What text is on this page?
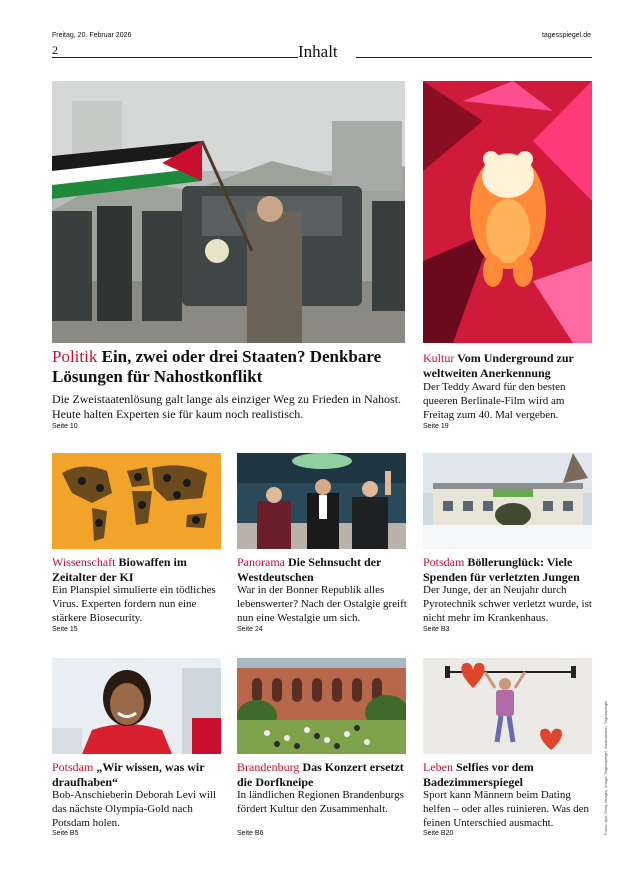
Freitag, 20. Februar 2026	tagesspiegel.de
2	Inhalt
Politik Ein, zwei oder drei Staaten? Denkbare Lösungen für Nahostkonflikt
Die Zweistaatenlösung galt lange als einziger Weg zu Frieden in Nahost. Heute halten Experten sie für kaum noch realistisch.
Seite 10
Kultur Vom Underground zur weltweiten Anerkennung
Der Teddy Award für den besten queeren Berlinale-Film wird am Freitag zum 40. Mal vergeben.
Seite 19
Wissenschaft Biowaffen im Zeitalter der KI
Ein Planspiel simulierte ein tödliches Virus. Experten fordern nun eine stärkere Biosecurity.
Seite 15
Panorama Die Sehnsucht der Westdeutschen
War in der Bonner Republik alles lebenswerter? Nach der Ostalgie greift nun eine Westalgie um sich.
Seite 24
Potsdam Böllerunglück: Viele Spenden für verletzten Jungen
Der Junge, der an Neujahr durch Pyrotechnik schwer verletzt wurde, ist nicht mehr im Krankenhaus.
Seite B3
Potsdam „Wir wissen, was wir draufhaben“
Bob-Anschieberin Deborah Levi will das nächste Olympia-Gold nach Potsdam holen.
Seite B5
Brandenburg Das Konzert ersetzt die Dorfkneipe
In ländlichen Regionen Brandenburgs fördert Kultur den Zusammenhalt.
Seite B6
Leben Selfies vor dem Badezimmerspiegel
Sport kann Männern beim Dating helfen – oder alles ruinieren. Was den feinen Unterschied ausmacht.
Seite B20	Fotos: dpa, Getty Images, Imago, Tagesspiegel, Illustrationen: Tagesspiegel
